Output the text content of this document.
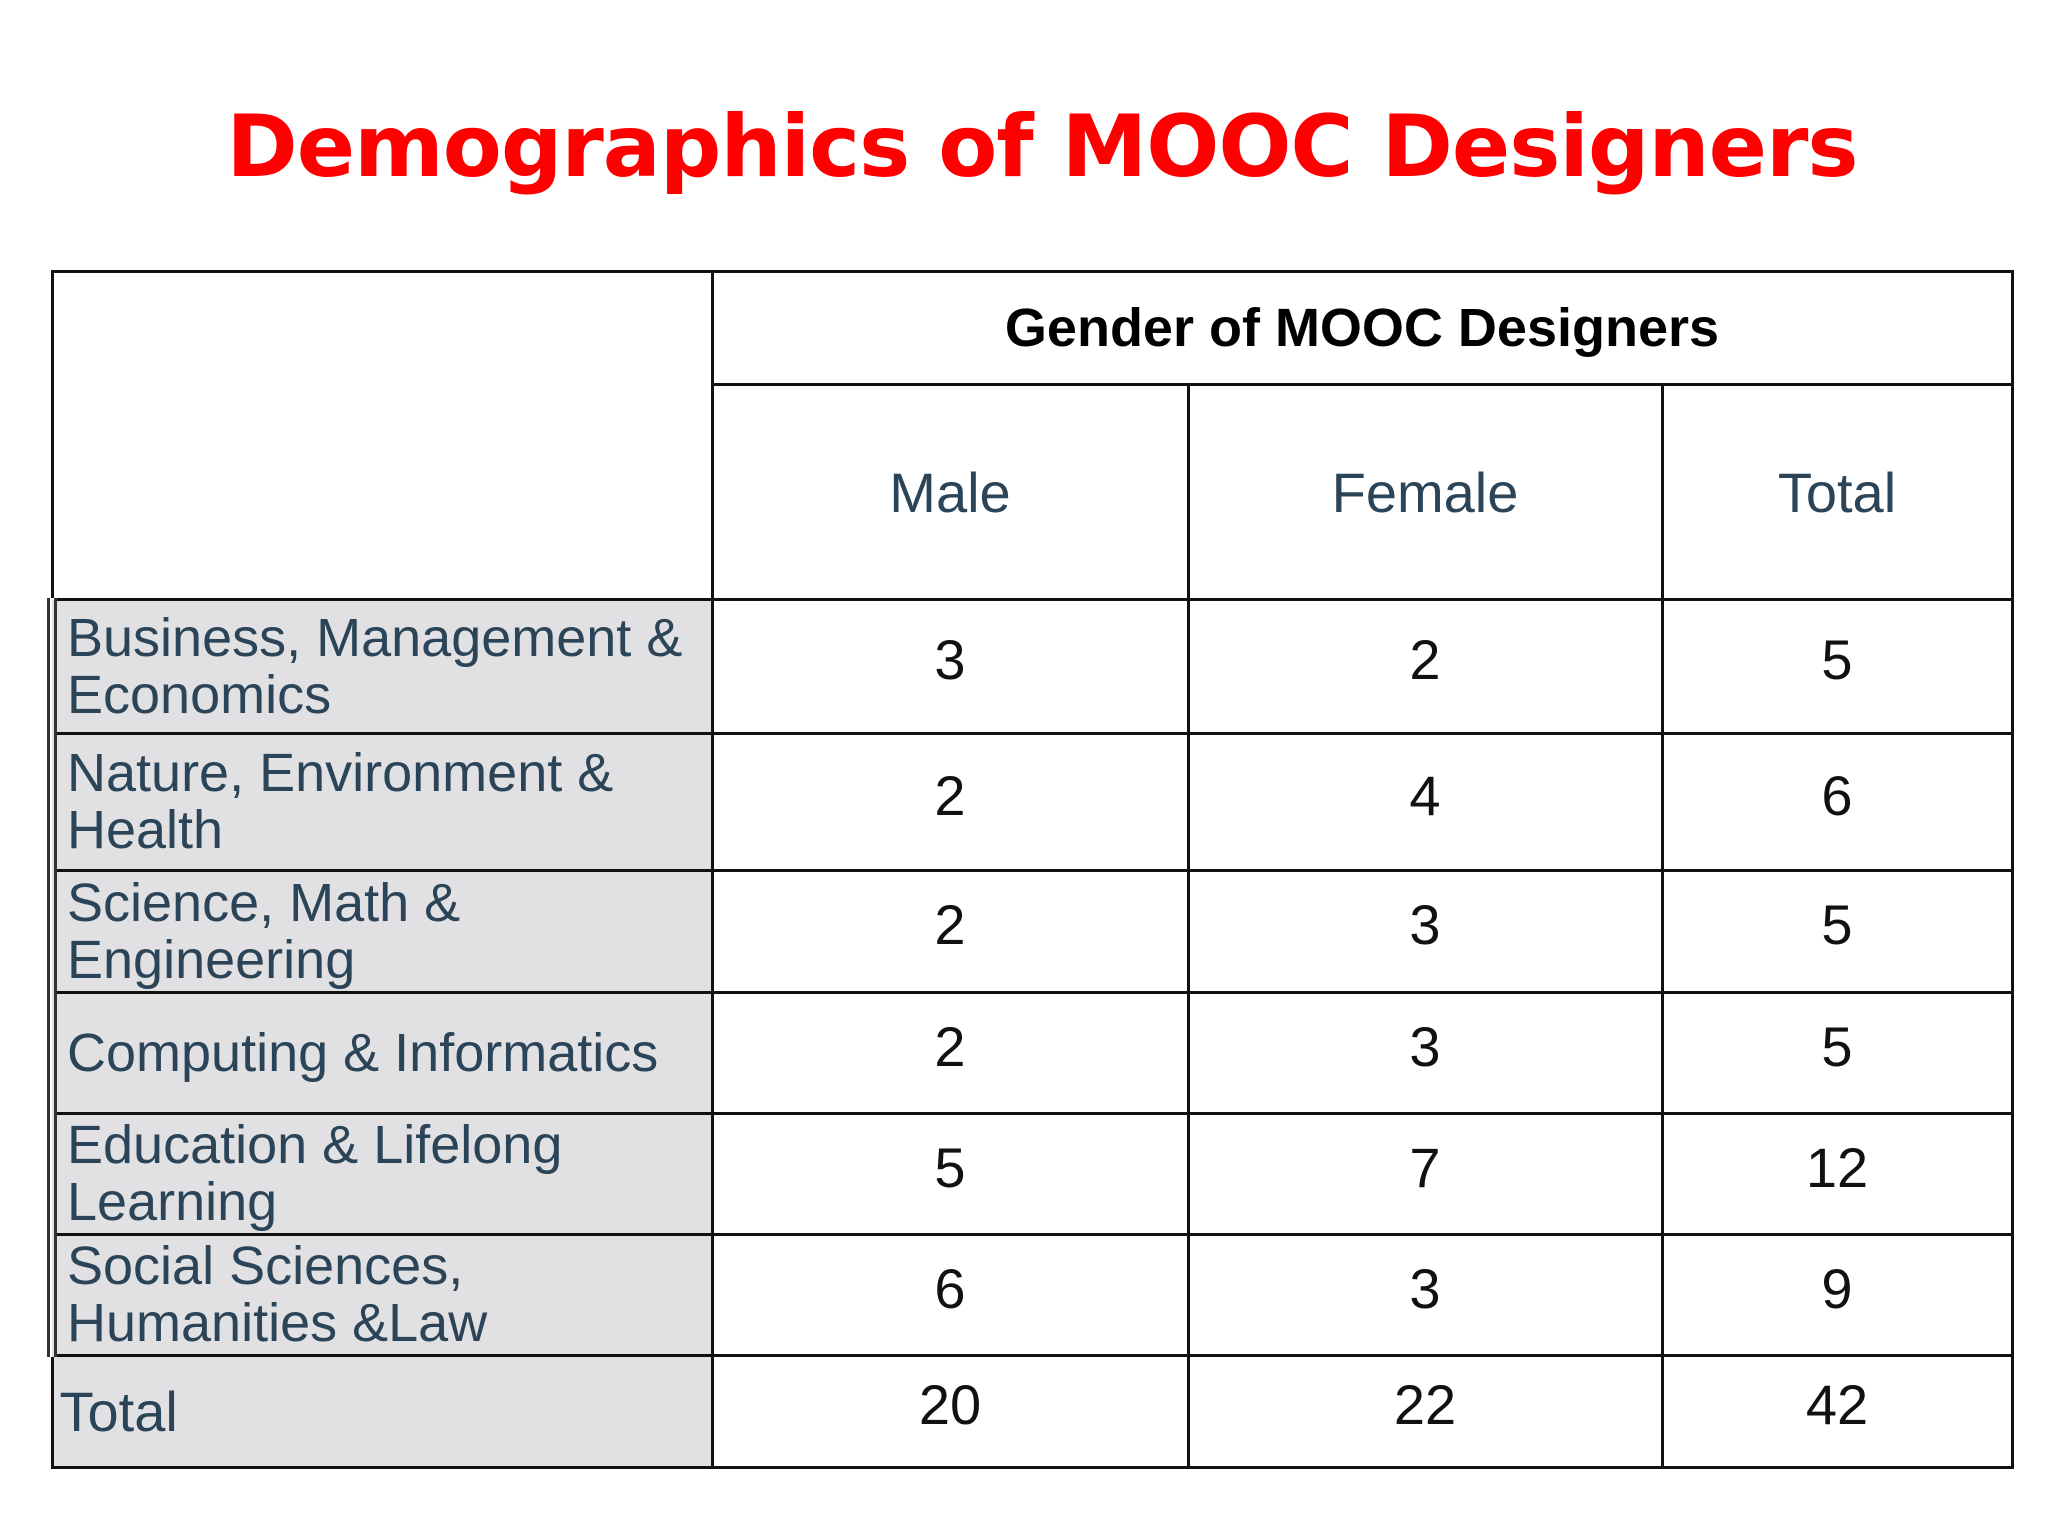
Demographics of MOOC Designers
	Gender of MOOC Designers		
	Male	Female	Total
Business, Management & Economics	3	2	5
Nature, Environment & Health	2	4	6
Science, Math & Engineering	2	3	5
Computing & Informatics	2	3	5
Education & Lifelong Learning	5	7	12
Social Sciences, Humanities &Law	6	3	9
Total	20	22	42
